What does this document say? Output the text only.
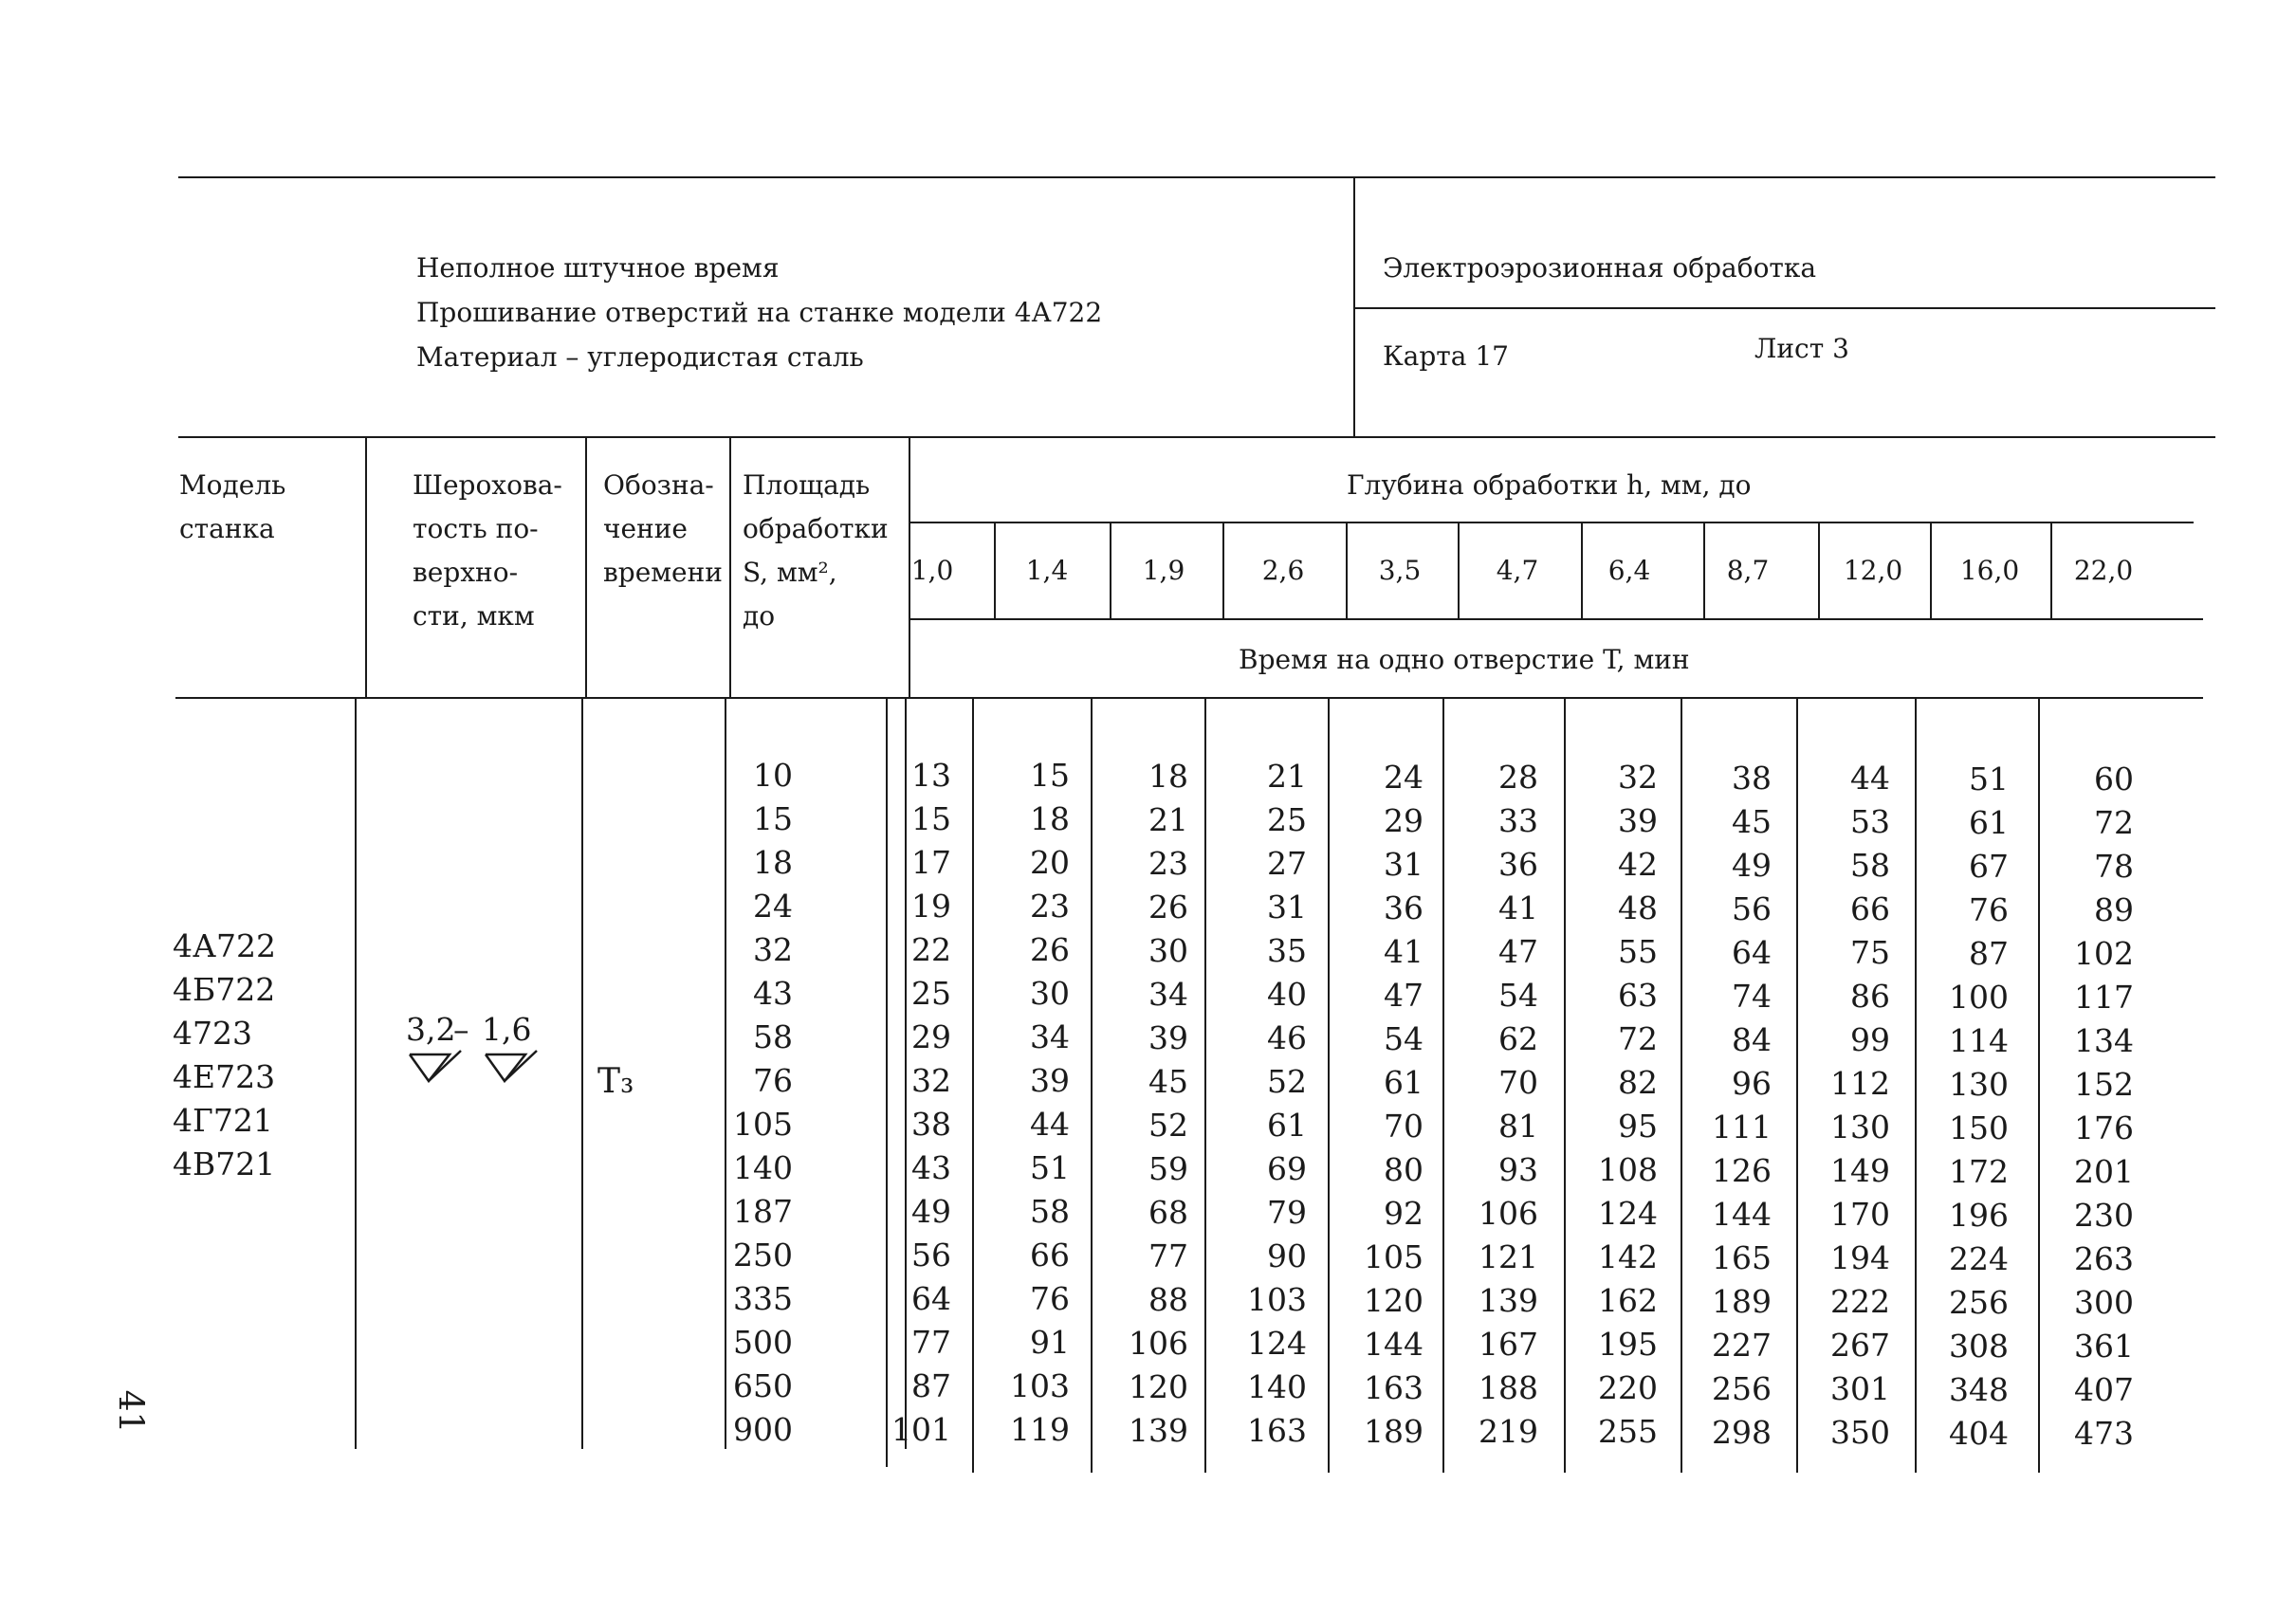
Неполное штучное время
Прошивание отверстий на станке модели 4А722
Материал – углеродистая сталь
Электроэрозионная обработка
Карта 17	Лист 3
Модель
станка
Шерохова-
тость по-
верхно-
сти, мкм
Обозна-
чение
времени
Площадь
обработки
S, мм²,
до
Глубина обработки h, мм, до
Время на одно отверстие T, мин
1,0	1,4	1,9	2,6	3,5	4,7	6,4	8,7	12,0	16,0	22,0
4А722
4Б722
4723
4Е723
4Г721
4В721
3,2
– 1,6
T₃
10	13	15	18	21	24	28	32	38	44	51	60
15	15	18	21	25	29	33	39	45	53	61	72
18	17	20	23	27	31	36	42	49	58	67	78
24	19	23	26	31	36	41	48	56	66	76	89
32	22	26	30	35	41	47	55	64	75	87	102
43	25	30	34	40	47	54	63	74	86	100	117
58	29	34	39	46	54	62	72	84	99	114	134
76	32	39	45	52	61	70	82	96	112	130	152
105	38	44	52	61	70	81	95	111	130	150	176
140	43	51	59	69	80	93	108	126	149	172	201
187	49	58	68	79	92	106	124	144	170	196	230
250	56	66	77	90	105	121	142	165	194	224	263
335	64	76	88	103	120	139	162	189	222	256	300
500	77	91	106	124	144	167	195	227	267	308	361
650	87	103	120	140	163	188	220	256	301	348	407
900	101	119	139	163	189	219	255	298	350	404	473
41
